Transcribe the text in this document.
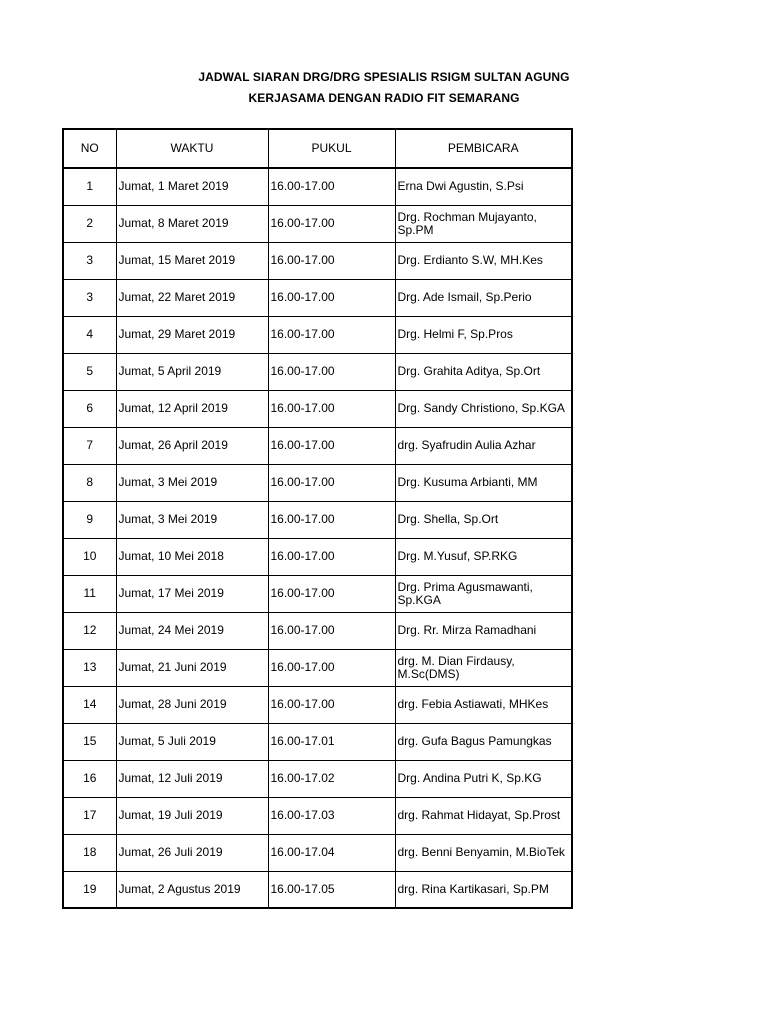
JADWAL SIARAN DRG/DRG SPESIALIS RSIGM SULTAN AGUNG
KERJASAMA DENGAN RADIO FIT SEMARANG
NO	WAKTU	PUKUL	PEMBICARA
1	Jumat, 1 Maret 2019	16.00-17.00	Erna Dwi Agustin, S.Psi
2	Jumat, 8 Maret 2019	16.00-17.00	Drg. Rochman Mujayanto, Sp.PM
3	Jumat, 15 Maret 2019	16.00-17.00	Drg. Erdianto S.W, MH.Kes
3	Jumat, 22 Maret 2019	16.00-17.00	Drg. Ade Ismail, Sp.Perio
4	Jumat, 29 Maret 2019	16.00-17.00	Drg. Helmi F, Sp.Pros
5	Jumat, 5 April 2019	16.00-17.00	Drg. Grahita Aditya, Sp.Ort
6	Jumat, 12 April 2019	16.00-17.00	Drg. Sandy Christiono, Sp.KGA
7	Jumat, 26 April 2019	16.00-17.00	drg. Syafrudin Aulia Azhar
8	Jumat, 3 Mei 2019	16.00-17.00	Drg. Kusuma Arbianti, MM
9	Jumat, 3 Mei 2019	16.00-17.00	Drg. Shella, Sp.Ort
10	Jumat, 10 Mei 2018	16.00-17.00	Drg. M.Yusuf, SP.RKG
11	Jumat, 17 Mei 2019	16.00-17.00	Drg. Prima Agusmawanti, Sp.KGA
12	Jumat, 24 Mei 2019	16.00-17.00	Drg. Rr. Mirza Ramadhani
13	Jumat, 21 Juni 2019	16.00-17.00	drg. M. Dian Firdausy, M.Sc(DMS)
14	Jumat, 28 Juni 2019	16.00-17.00	drg. Febia Astiawati, MHKes
15	Jumat, 5 Juli 2019	16.00-17.01	drg. Gufa Bagus Pamungkas
16	Jumat, 12 Juli 2019	16.00-17.02	Drg. Andina Putri K, Sp.KG
17	Jumat, 19 Juli 2019	16.00-17.03	drg. Rahmat Hidayat, Sp.Prost
18	Jumat, 26 Juli 2019	16.00-17.04	drg. Benni Benyamin, M.BioTek
19	Jumat, 2 Agustus 2019	16.00-17.05	drg. Rina Kartikasari, Sp.PM
